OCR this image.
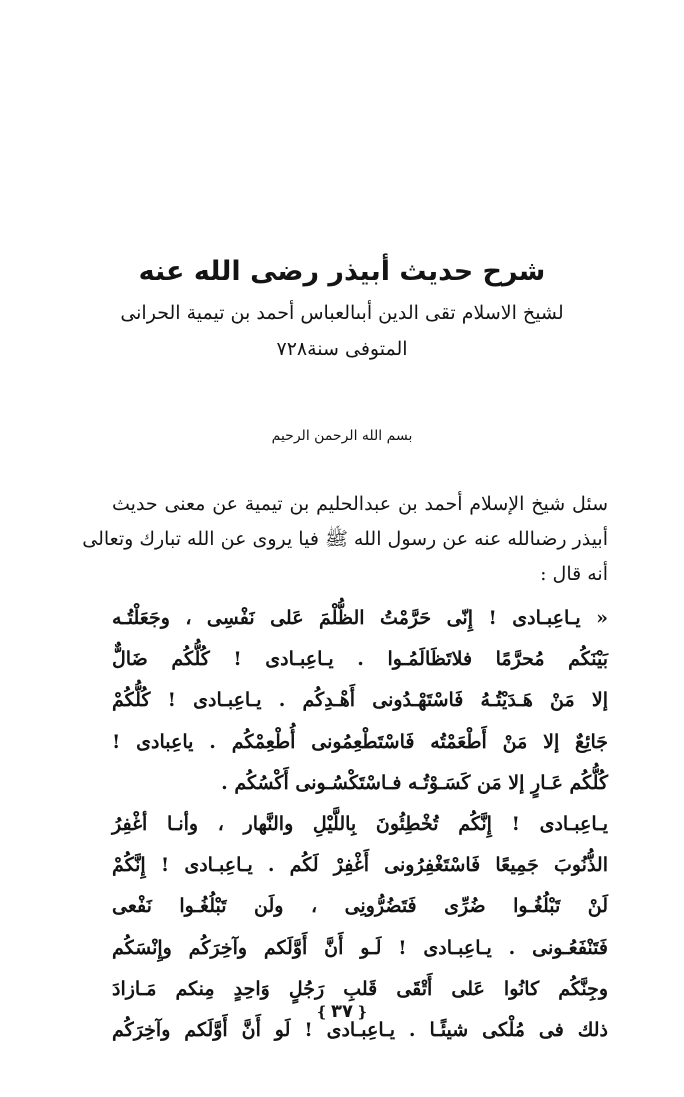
شرح حديث أبيذر رضى الله عنه
لشيخ الاسلام تقى الدين أبىالعباس أحمد بن تيمية الحرانى
المتوفى سنة٧٢٨
بسم الله الرحمن الرحيم
سئل شيخ الإسلام أحمد بن عبدالحليم بن تيمية عن معنى حديث
أبيذر رضىالله عنه عن رسول الله ﷺ فيا يروى عن الله تبارك وتعالى
أنه قال :
« يـاعِبـادى ! إِنّى حَرَّمْتُ الظُّلْمَ عَلى نَفْسِى ، وجَعَلْتُـه
بَيْنَكُم مُحرَّمًا فلاتَظَالَمُـوا . يـاعِبـادى ! كُلُّكُم ضَالٌّ
إلا مَنْ هَـدَيْتُـهُ فَاسْتَهْـدُونى أَهْـدِكُم . يـاعِبـادى ! كُلُّكُمْ
جَائِعٌ إلا مَنْ أَطْعَمْتُه فَاسْتَطْعِمُونى أُطْعِمْكُم . ياعِبادى !
كُلُّكُم عَـارٍ إلا مَن كَسَـوْتُـه فـاسْتَكْسُـونى أَكْسُكُم .
يـاعِبـادى ! إِنَّكُم تُخْطِئُونَ بِاللَّيْلِ والنَّهار ، وأنـا أغْفِرُ
الذُّنُوبَ جَمِيعًا فَاسْتَغْفِرُونى أَغْفِرْ لَكُم . يـاعِبـادى ! إِنَّكُمْ
لَنْ تَبْلُغُـوا ضُرِّى فَتَضُرُّونِى ، ولَن تَبْلُغُـوا نَفْعى
فَتَنْفَعُـونى . يـاعِبـادى ! لَـو أَنَّ أَوَّلَكم وآخِرَكُم وإِنْسَكُم
وجِنَّكُم كانُوا عَلى أَتْقَى قَلبِ رَجُلٍ وَاحِدٍ مِنكم مَـازادَ
ذلك فى مُلْكى شيئًـا . يـاعِبـادى ! لَو أَنَّ أَوَّلَكم وآخِرَكُم
❴٣٧❵
